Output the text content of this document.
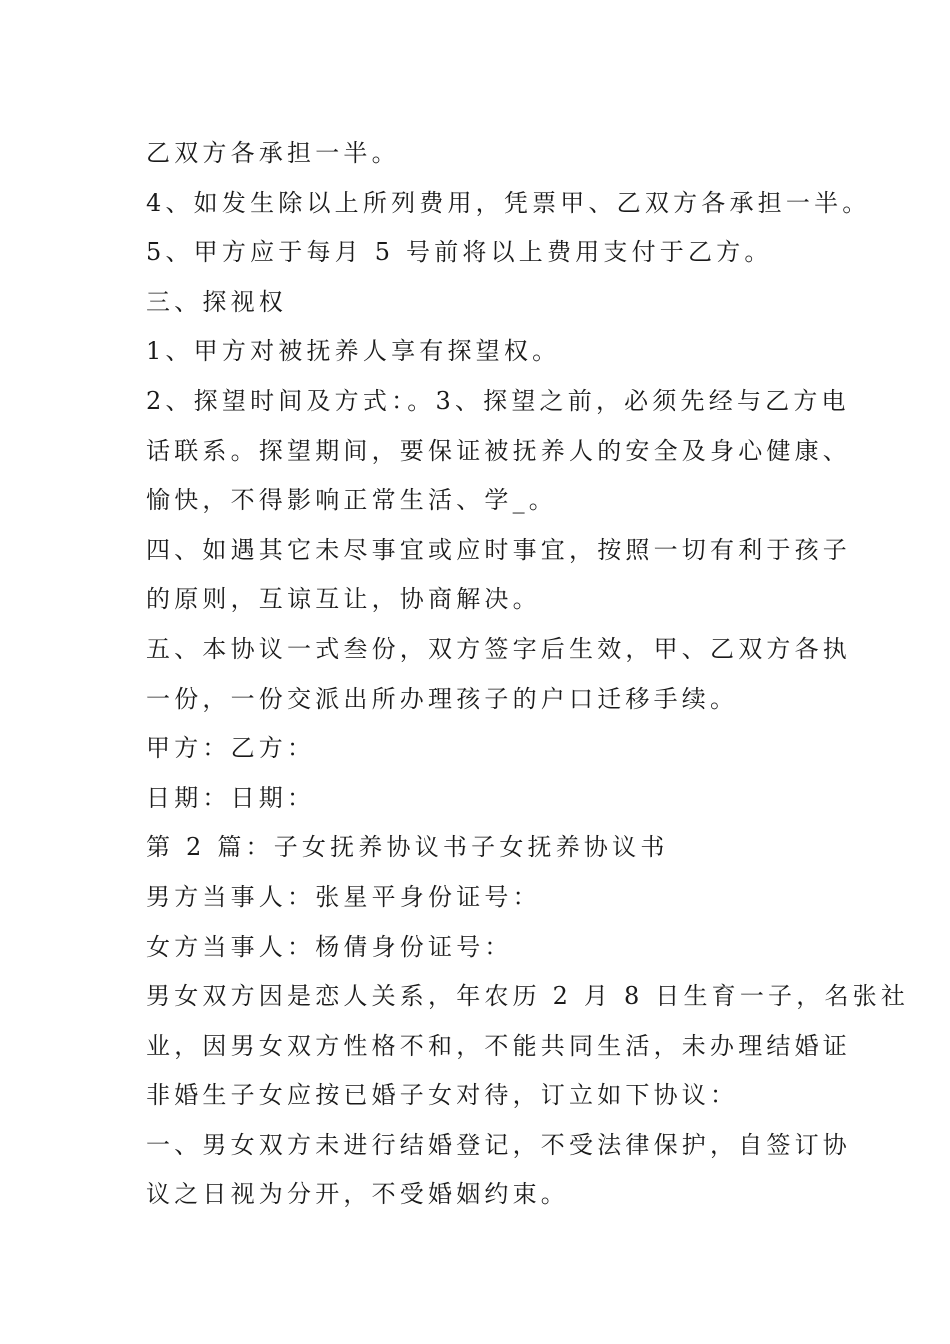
乙双方各承担一半。
4、如发生除以上所列费用，凭票甲、乙双方各承担一半。
5、甲方应于每月 5 号前将以上费用支付于乙方。
三、探视权
1、甲方对被抚养人享有探望权。
2、探望时间及方式：。3、探望之前，必须先经与乙方电
话联系。探望期间，要保证被抚养人的安全及身心健康、
愉快，不得影响正常生活、学_。
四、如遇其它未尽事宜或应时事宜，按照一切有利于孩子
的原则，互谅互让，协商解决。
五、本协议一式叁份，双方签字后生效，甲、乙双方各执
一份，一份交派出所办理孩子的户口迁移手续。
甲方：乙方：
日期：日期：
第 2 篇：子女抚养协议书子女抚养协议书
男方当事人：张星平身份证号：
女方当事人：杨倩身份证号：
男女双方因是恋人关系，年农历 2 月 8 日生育一子，名张社
业，因男女双方性格不和，不能共同生活，未办理结婚证
非婚生子女应按已婚子女对待，订立如下协议：
一、男女双方未进行结婚登记，不受法律保护，自签订协
议之日视为分开，不受婚姻约束。
